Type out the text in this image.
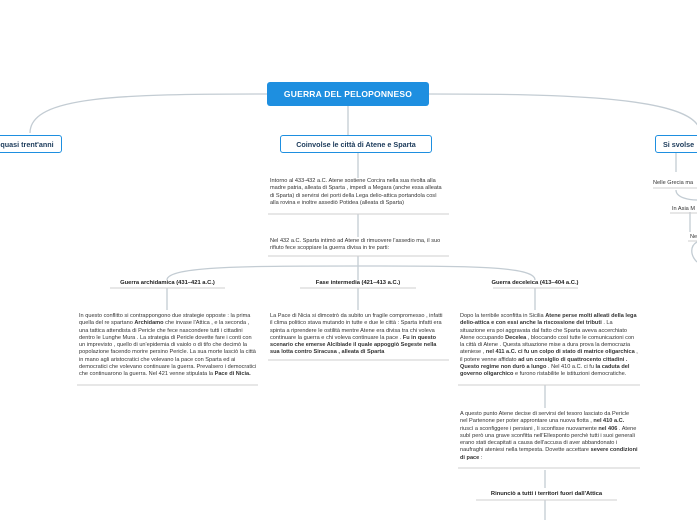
GUERRA DEL PELOPONNESO
quasi trent'anni	Coinvolse le città di Atene e Sparta	Si svolse
Nelle Grecia ma
In Asia M
Ne
Intorno al 433-432 a.C. Atene sostiene Corcira nella sua rivolta alla madre patria, alleata di Sparta , impedì a Megara (anche essa alleata di Sparta) di servirsi dei porti della Lega delio-attica portandola così alla rovina e inoltre assediò Potidea (alleata di Sparta)
Nel 432 a.C. Sparta intimò ad Atene di rimuovere l'assedio ma, il suo rifiuto fece scoppiare la guerra divisa in tre parti:
Guerra archidamica (431–421 a.C.)	Fase intermedia (421–413 a.C.)	Guerra deceleica (413–404 a.C.)
In questo conflitto si contrappongono due strategie opposte : la prima quella del re spartano Archidamo che invase l'Attica , e la seconda , una tattica attendista di Pericle che fece nascondere tutti i cittadini dentro le Lunghe Mura . La strategia di Pericle dovette fare i conti con un imprevisto , quello di un'epidemia di vaiolo o di tifo che decimò la popolazione facendo morire persino Pericle. La sua morte lasciò la città in mano agli aristocratici che volevano la pace con Sparta ed ai democratici che volevano continuare la guerra. Prevalsero i democratici che continuarono la guerra. Nel 421 venne stipulata la Pace di Nicia.
La Pace di Nicia si dimostrò da subito un fragile compromesso , infatti il clima politico stava mutando in tutte e due le città : Sparta infatti era spinta a riprendere le ostilità mentre Atene era divisa tra chi voleva continuare la guerra e chi voleva continuare la pace . Fu in questo scenario che emerse Alcibiade il quale appoggiò Segeste nella sua lotta contro Siracusa , alleata di Sparta
Dopo la terribile sconfitta in Sicilia Atene perse molti alleati della lega delio-attica e con essi anche la riscossione dei tributi . La situazione era poi aggravata dal fatto che Sparta aveva accerchiato Atene occupando Decelea , bloccando così tutte le comunicazioni con la città di Atene . Questa situazione mise a dura prova la democrazia ateniese , nel 411 a.C. ci fu un colpo di stato di matrice oligarchica , il potere venne affidato ad un consiglio di quattrocento cittadini . Questo regime non durò a lungo . Nel 410 a.C. ci fu la caduta del governo oligarchico e furono ristabilite le istituzioni democratiche.
A questo punto Atene decise di servirsi del tesoro lasciato da Pericle nel Partenone per poter approntare una nuova flotta , nel 410 a.C. riuscì a sconfiggere i persiani , li sconfisse nuovamente nel 406 . Atene subì però una grave sconfitta nell'Ellesponto perchè tutti i suoi generali erano stati decapitati a causa dell'accusa di aver abbandonato i naufraghi ateniesi nella tempesta. Dovette accettare severe condizioni di pace :
Rinunciò a tutti i territori fuori dall'Attica
